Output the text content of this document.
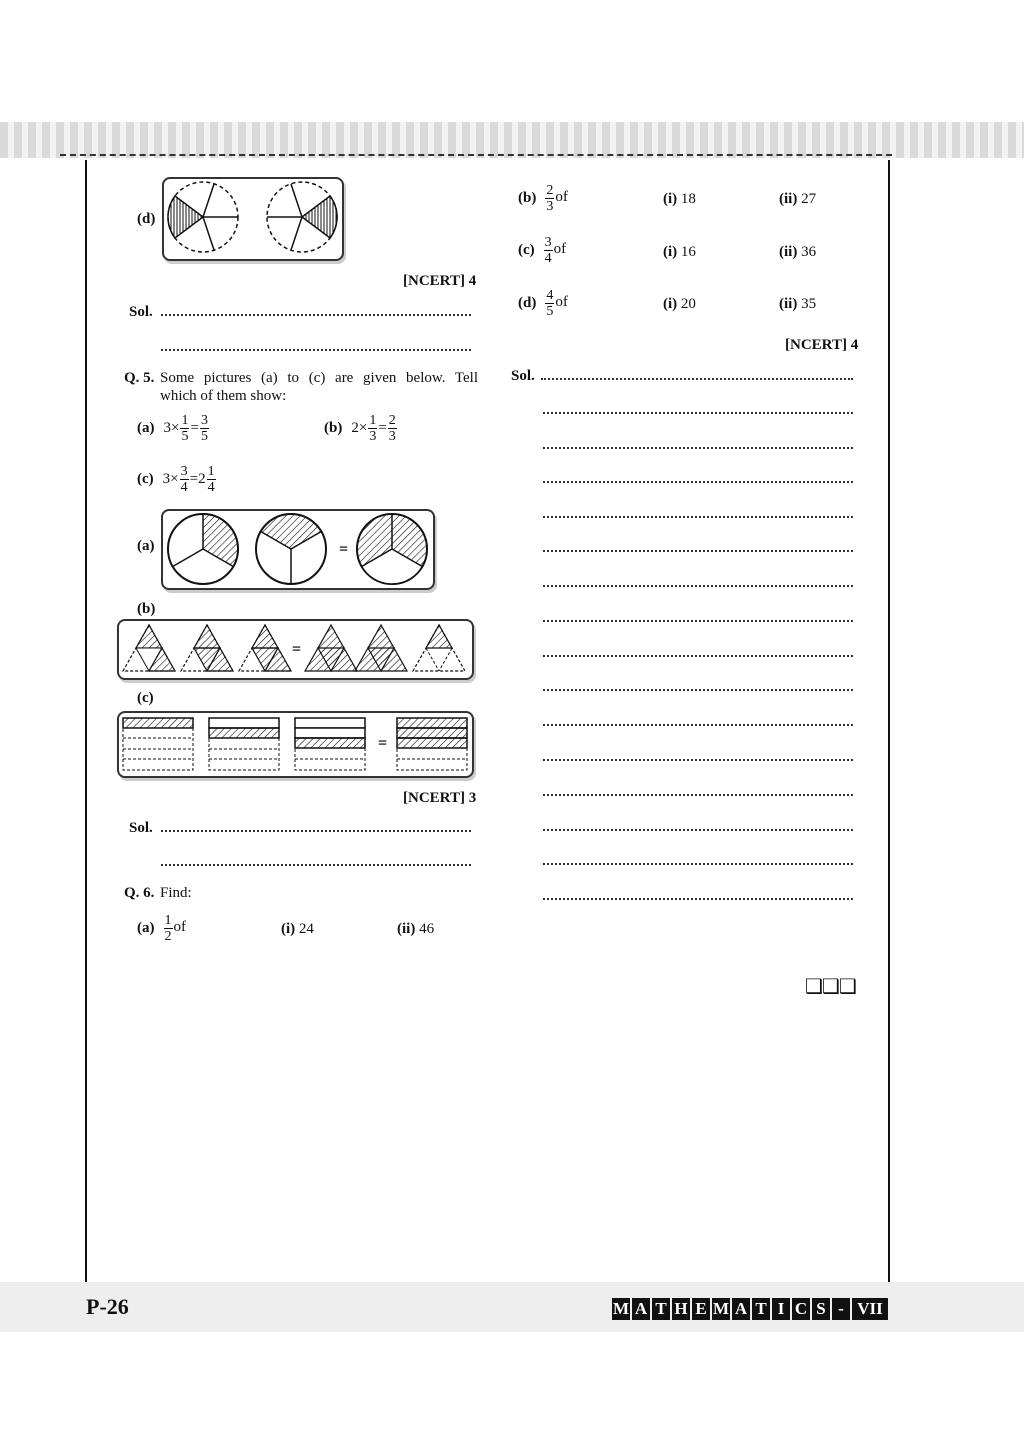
(d)
[NCERT] 4
Sol.
Q. 5. Some pictures (a) to (c) are given below. Tell
which of them show:
(a) $3 \times \frac{1}{5} = \frac{3}{5}$	(b) $2 \times \frac{1}{3} = \frac{2}{3}$
(c) $3 \times \frac{3}{4} = 2 \frac{1}{4}$
(a)	=
(b)
=
(c)
=
[NCERT] 3
Sol.
Q. 6. Find:
$(a) \frac{1}{2}$ of	(i) 24	(ii) 46
$(b) \frac{2}{3}$ of	(i) 18	(ii) 27
$(c) \frac{3}{4}$ of	(i) 16	(ii) 36
$(d) \frac{4}{5}$ of	(i) 20	(ii) 35
[NCERT] 4
Sol.
❑❑❑
P-26	M A T H E M A T I C S - VII
